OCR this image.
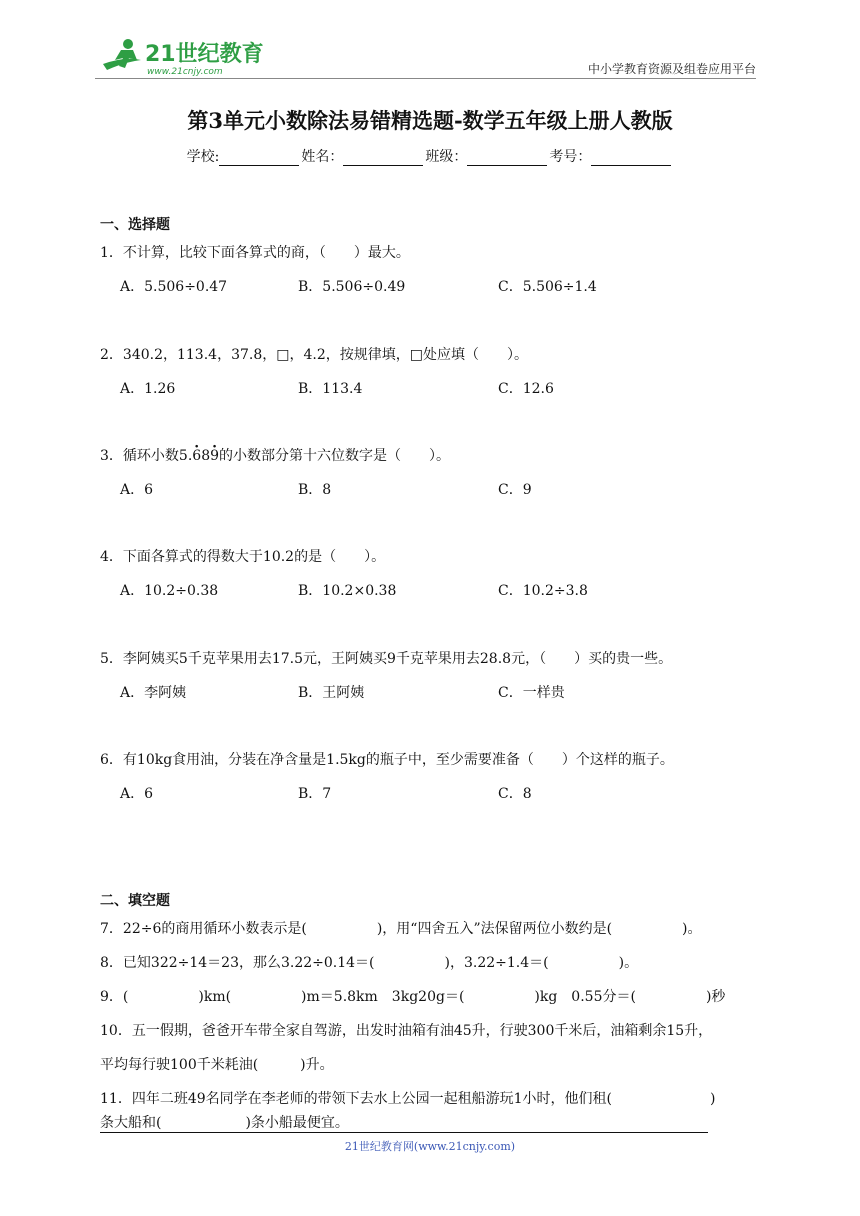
21世纪教育
www.21cnjy.com	中小学教育资源及组卷应用平台
第3单元小数除法易错精选题-数学五年级上册人教版
学校:	姓名：	班级：	考号：
一、选择题
1．不计算，比较下面各算式的商，（　　）最大。
A．5.506÷0.47	B．5.506÷0.49	C．5.506÷1.4
2．340.2，113.4，37.8，□，4.2，按规律填，□处应填（　　）。
A．1.26	B．113.4	C．12.6
3．循环小数5.· 68· 9的小数部分第十六位数字是（　　）。
A．6	B．8	C．9
4．下面各算式的得数大于10.2的是（　　）。
A．10.2÷0.38	B．10.2×0.38	C．10.2÷3.8
5．李阿姨买5千克苹果用去17.5元，王阿姨买9千克苹果用去28.8元，（　　）买的贵一些。
A．李阿姨	B．王阿姨	C．一样贵
6．有10kg食用油，分装在净含量是1.5kg的瓶子中，至少需要准备（　　）个这样的瓶子。
A．6	B．7	C．8
二、填空题
7．22÷6的商用循环小数表示是(　　　　　)，用“四舍五入”法保留两位小数约是(　　　　　)。
8．已知322÷14＝23，那么3.22÷0.14＝(　　　　　)，3.22÷1.4＝(　　　　　)。
9．(　　　　　)km(　　　　　)m＝5.8km　3kg20g＝(　　　　　)kg　0.55分＝(　　　　　)秒
10．五一假期，爸爸开车带全家自驾游，出发时油箱有油45升，行驶300千米后，油箱剩余15升，
平均每行驶100千米耗油(　　　)升。
11．四年二班49名同学在李老师的带领下去水上公园一起租船游玩1小时，他们租(　　　　　　　)
条大船和(　　　　　　)条小船最便宜。
21世纪教育网(www.21cnjy.com)
